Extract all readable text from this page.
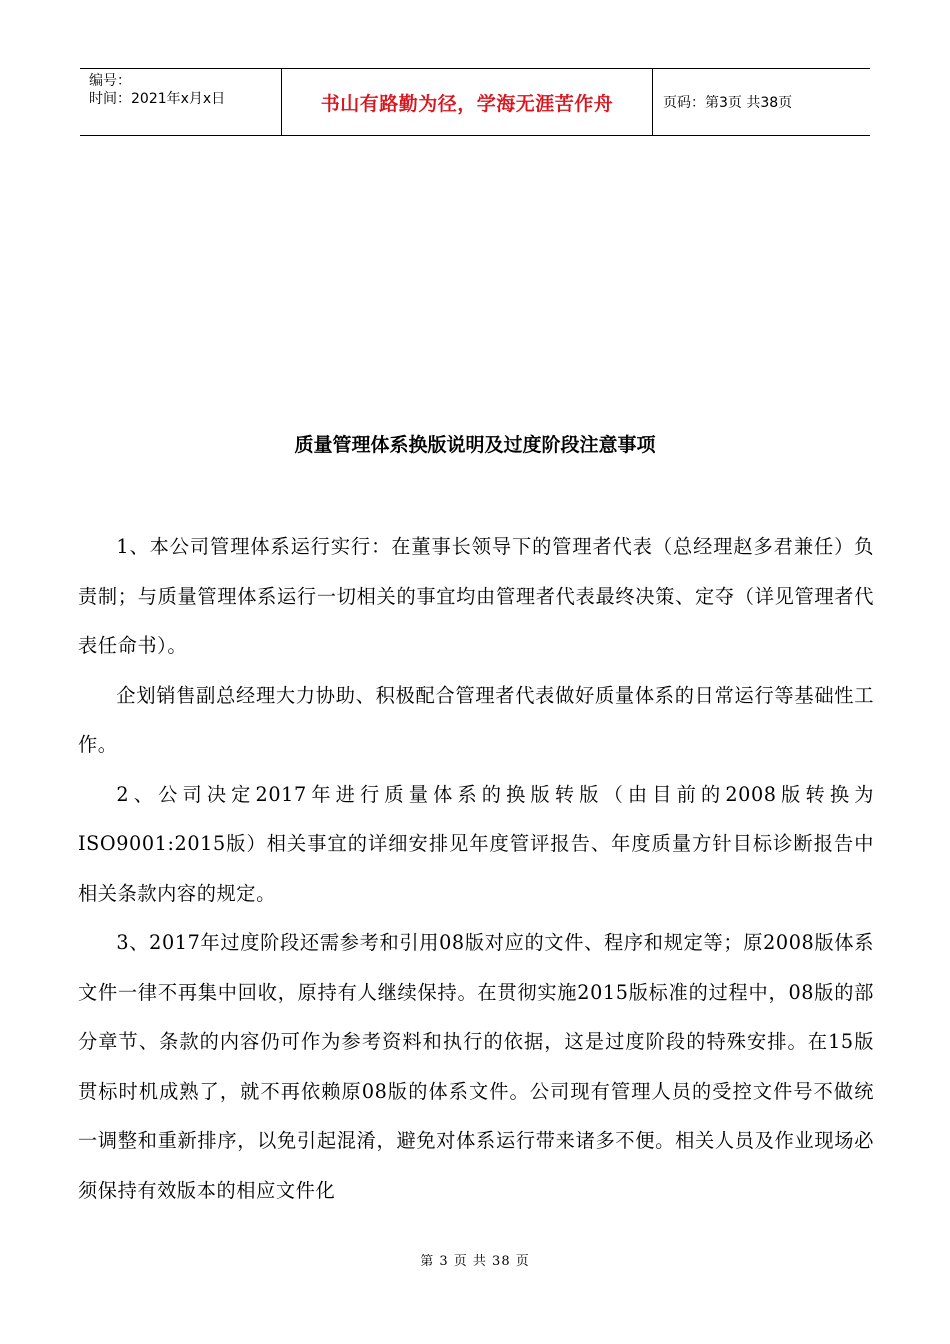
编号：
时间：2021年x月x日	书山有路勤为径，学海无涯苦作舟	页码：第3页 共38页
质量管理体系换版说明及过度阶段注意事项

1、本公司管理体系运行实行：在董事长领导下的管理者代表（总经理赵多君兼任）负责制；与质量管理体系运行一切相关的事宜均由管理者代表最终决策、定夺（详见管理者代表任命书）。

企划销售副总经理大力协助、积极配合管理者代表做好质量体系的日常运行等基础性工作。

2、公司决定2017年进行质量体系的换版转版（由目前的2008版转换为ISO9001:2015版）相关事宜的详细安排见年度管评报告、年度质量方针目标诊断报告中相关条款内容的规定。

3、2017年过度阶段还需参考和引用08版对应的文件、程序和规定等；原2008版体系文件一律不再集中回收，原持有人继续保持。在贯彻实施2015版标准的过程中，08版的部分章节、条款的内容仍可作为参考资料和执行的依据，这是过度阶段的特殊安排。在15版贯标时机成熟了，就不再依赖原08版的体系文件。公司现有管理人员的受控文件号不做统一调整和重新排序，以免引起混淆，避免对体系运行带来诸多不便。相关人员及作业现场必须保持有效版本的相应文件化

第 3 页 共 38 页
